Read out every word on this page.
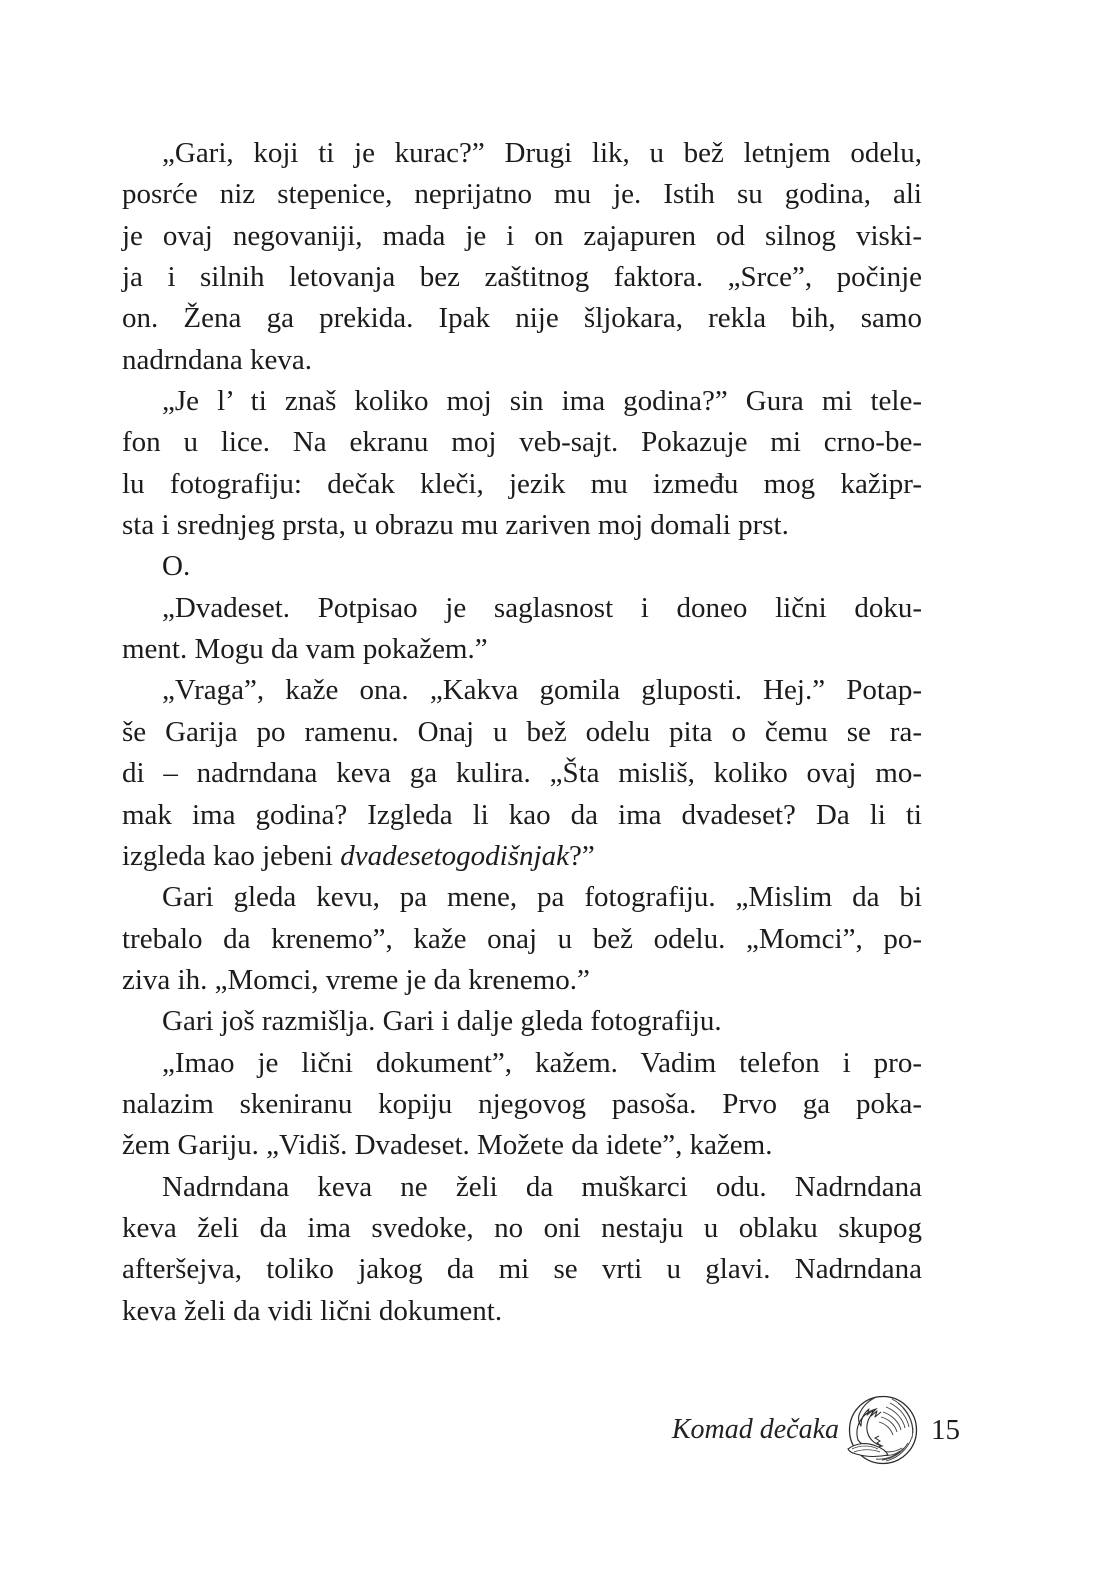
„Gari, koji ti je kurac?” Drugi lik, u bež letnjem odelu,
posrće niz stepenice, neprijatno mu je. Istih su godina, ali
je ovaj negovaniji, mada je i on zajapuren od silnog viski-
ja i silnih letovanja bez zaštitnog faktora. „Srce”, počinje
on. Žena ga prekida. Ipak nije šljokara, rekla bih, samo
nadrndana keva.
„Je l’ ti znaš koliko moj sin ima godina?” Gura mi tele-
fon u lice. Na ekranu moj veb-sajt. Pokazuje mi crno-be-
lu fotografiju: dečak kleči, jezik mu između mog kažipr-
sta i srednjeg prsta, u obrazu mu zariven moj domali prst.
O.
„Dvadeset. Potpisao je saglasnost i doneo lični doku-
ment. Mogu da vam pokažem.”
„Vraga”, kaže ona. „Kakva gomila gluposti. Hej.” Potap-
še Garija po ramenu. Onaj u bež odelu pita o čemu se ra-
di – nadrndana keva ga kulira. „Šta misliš, koliko ovaj mo-
mak ima godina? Izgleda li kao da ima dvadeset? Da li ti
izgleda kao jebeni dvadesetogodišnjak?”
Gari gleda kevu, pa mene, pa fotografiju. „Mislim da bi
trebalo da krenemo”, kaže onaj u bež odelu. „Momci”, po-
ziva ih. „Momci, vreme je da krenemo.”
Gari još razmišlja. Gari i dalje gleda fotografiju.
„Imao je lični dokument”, kažem. Vadim telefon i pro-
nalazim skeniranu kopiju njegovog pasoša. Prvo ga poka-
žem Gariju. „Vidiš. Dvadeset. Možete da idete”, kažem.
Nadrndana keva ne želi da muškarci odu. Nadrndana
keva želi da ima svedoke, no oni nestaju u oblaku skupog
afteršejva, toliko jakog da mi se vrti u glavi. Nadrndana
keva želi da vidi lični dokument.
Komad dečaka	15
